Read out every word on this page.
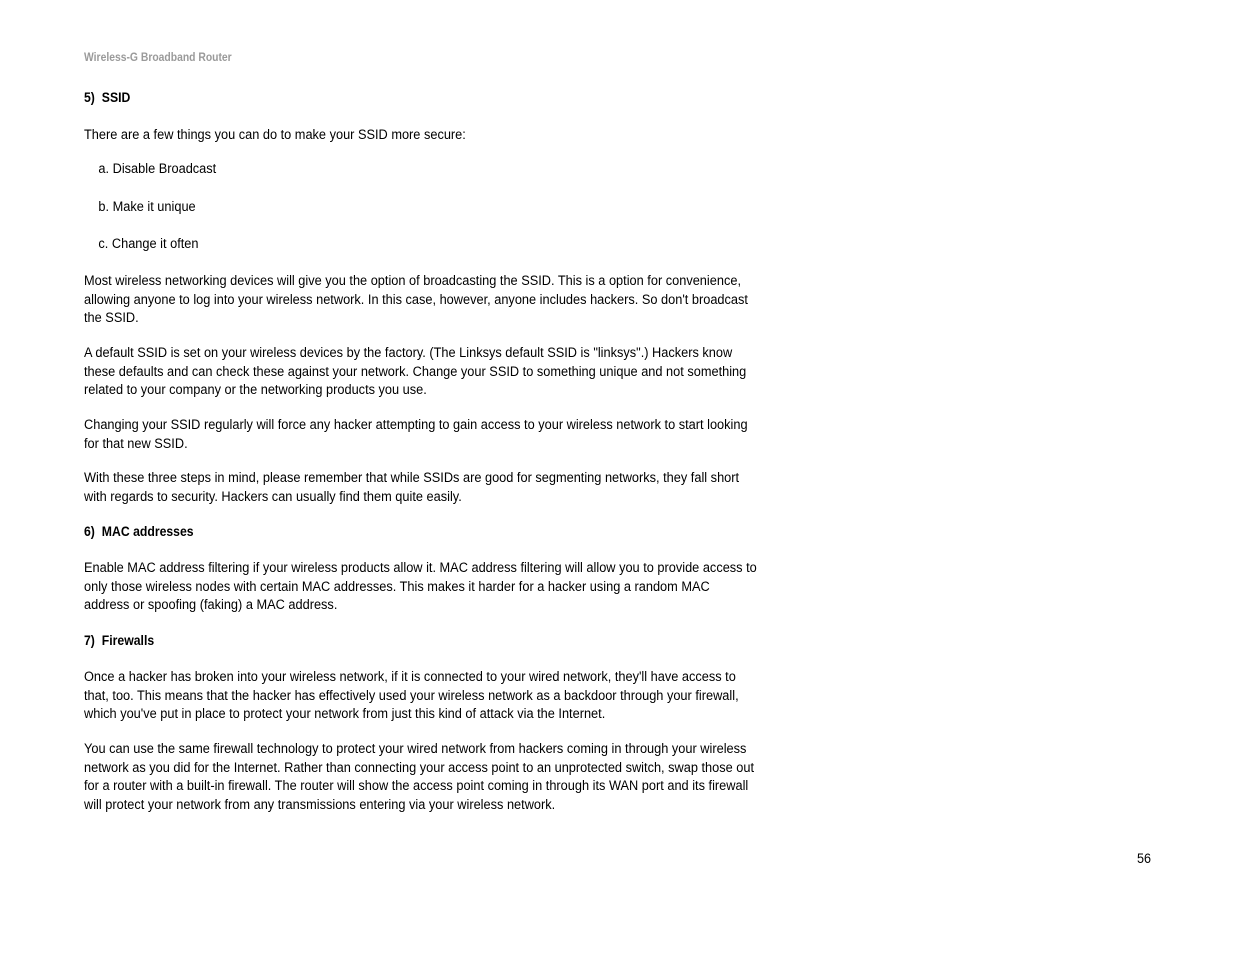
Wireless-G Broadband Router
5) SSID

There are a few things you can do to make your SSID more secure:

a. Disable Broadcast

b. Make it unique

c. Change it often

Most wireless networking devices will give you the option of broadcasting the SSID. This is a option for convenience, allowing anyone to log into your wireless network. In this case, however, anyone includes hackers. So don't broadcast the SSID.

A default SSID is set on your wireless devices by the factory. (The Linksys default SSID is "linksys".) Hackers know these defaults and can check these against your network. Change your SSID to something unique and not something related to your company or the networking products you use.

Changing your SSID regularly will force any hacker attempting to gain access to your wireless network to start looking for that new SSID.

With these three steps in mind, please remember that while SSIDs are good for segmenting networks, they fall short with regards to security. Hackers can usually find them quite easily.

6) MAC addresses

Enable MAC address filtering if your wireless products allow it. MAC address filtering will allow you to provide access to only those wireless nodes with certain MAC addresses. This makes it harder for a hacker using a random MAC address or spoofing (faking) a MAC address.

7) Firewalls

Once a hacker has broken into your wireless network, if it is connected to your wired network, they'll have access to that, too. This means that the hacker has effectively used your wireless network as a backdoor through your firewall, which you've put in place to protect your network from just this kind of attack via the Internet.

You can use the same firewall technology to protect your wired network from hackers coming in through your wireless network as you did for the Internet. Rather than connecting your access point to an unprotected switch, swap those out for a router with a built-in firewall. The router will show the access point coming in through its WAN port and its firewall will protect your network from any transmissions entering via your wireless network.

56
